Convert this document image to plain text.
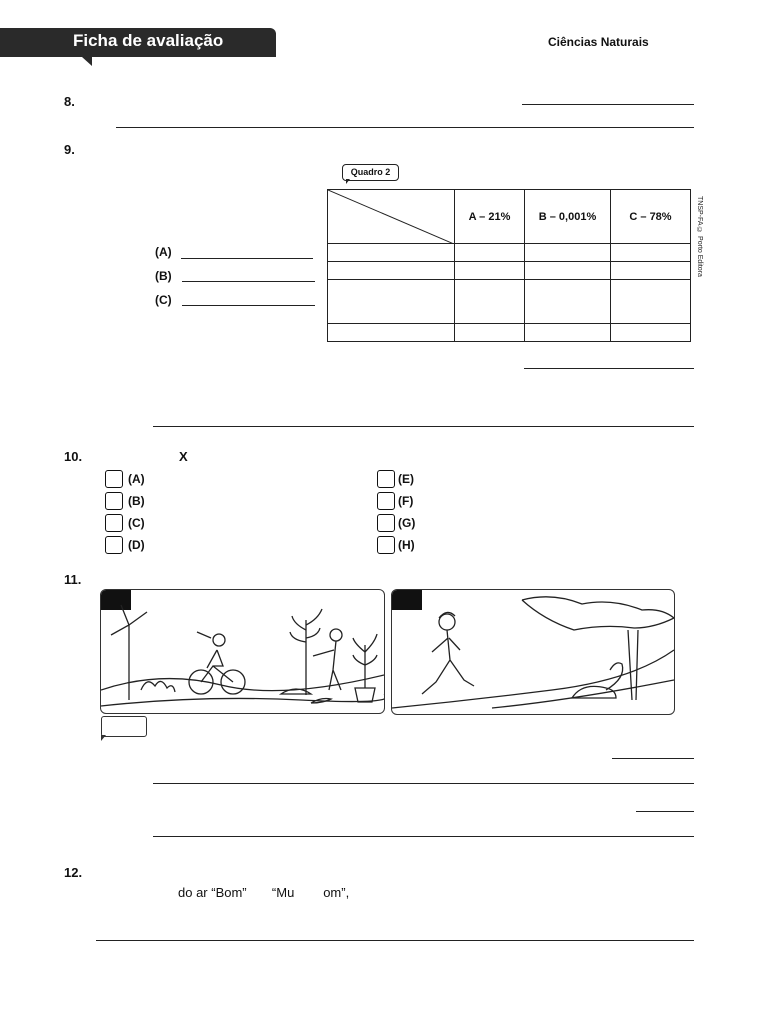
Ficha de avaliação	Ciências Naturais
8.
9.
Quadro 2
	A – 21%	B – 0,001%	C – 78%

				TNSP-FA © Porto Editora
(A)
(B)
(C)
10.	X
(A)
(B)
(C)
(D)
(E)
(F)
(G)
(H)
11.
12.
do ar “Bom”       “Mu        om”,
